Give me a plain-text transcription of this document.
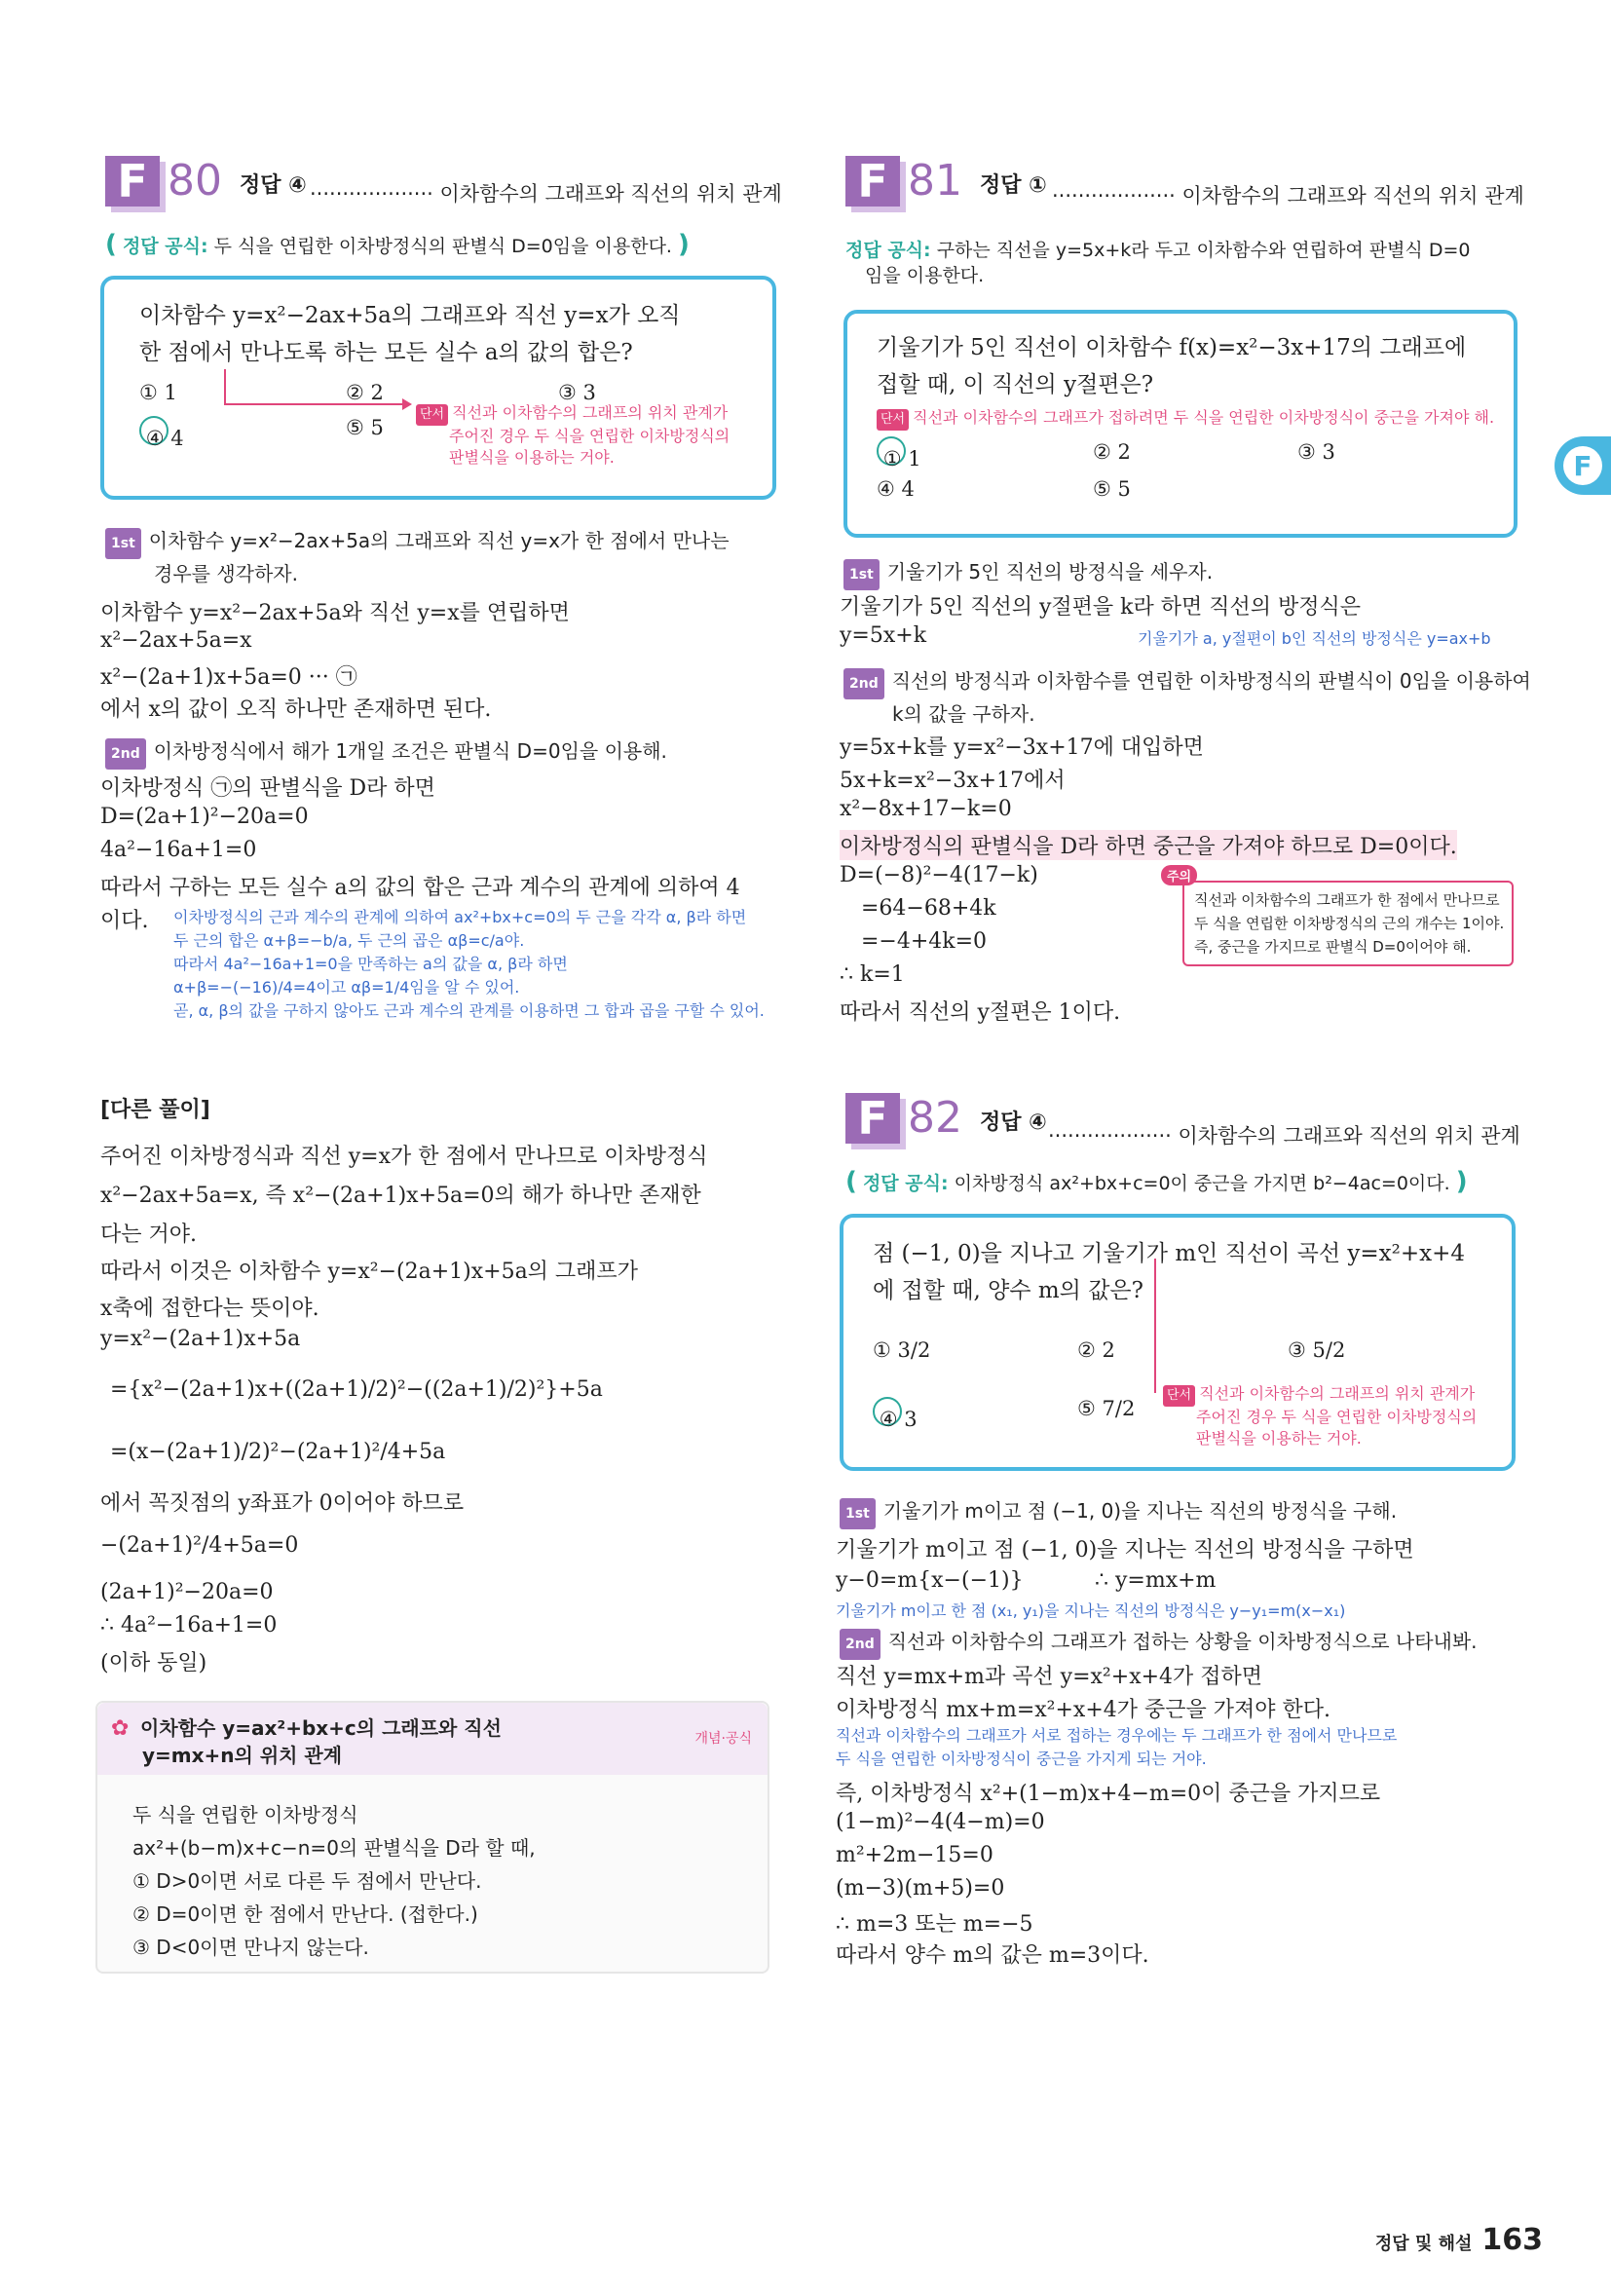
F 80 정답 ④ ··················· 이차함수의 그래프와 직선의 위치 관계
( 정답 공식: 두 식을 연립한 이차방정식의 판별식 D=0임을 이용한다. )
이차함수 y=x²−2ax+5a의 그래프와 직선 y=x가 오직
한 점에서 만나도록 하는 모든 실수 a의 값의 합은?
① 1	② 2	③ 3
④ 4	⑤ 5
단서 직선과 이차함수의 그래프의 위치 관계가
주어진 경우 두 식을 연립한 이차방정식의
판별식을 이용하는 거야.
1st 이차함수 y=x²−2ax+5a의 그래프와 직선 y=x가 한 점에서 만나는
경우를 생각하자.
이차함수 y=x²−2ax+5a와 직선 y=x를 연립하면
x²−2ax+5a=x
x²−(2a+1)x+5a=0 ··· ㉠
에서 x의 값이 오직 하나만 존재하면 된다.
2nd 이차방정식에서 해가 1개일 조건은 판별식 D=0임을 이용해.
이차방정식 ㉠의 판별식을 D라 하면
D=(2a+1)²−20a=0
4a²−16a+1=0
따라서 구하는 모든 실수 a의 값의 합은 근과 계수의 관계에 의하여 4
이다. 이차방정식의 근과 계수의 관계에 의하여 ax²+bx+c=0의 두 근을 각각 α, β라 하면
두 근의 합은 α+β=−b/a, 두 근의 곱은 αβ=c/a야.
따라서 4a²−16a+1=0을 만족하는 a의 값을 α, β라 하면
α+β=−(−16)/4=4이고 αβ=1/4임을 알 수 있어.
곧, α, β의 값을 구하지 않아도 근과 계수의 관계를 이용하면 그 합과 곱을 구할 수 있어.
[다른 풀이]
주어진 이차방정식과 직선 y=x가 한 점에서 만나므로 이차방정식
x²−2ax+5a=x, 즉 x²−(2a+1)x+5a=0의 해가 하나만 존재한
다는 거야.
따라서 이것은 이차함수 y=x²−(2a+1)x+5a의 그래프가
x축에 접한다는 뜻이야.
y=x²−(2a+1)x+5a
={x²−(2a+1)x+((2a+1)/2)²−((2a+1)/2)²}+5a
=(x−(2a+1)/2)²−(2a+1)²/4+5a
에서 꼭짓점의 y좌표가 0이어야 하므로
−(2a+1)²/4+5a=0
(2a+1)²−20a=0
∴ 4a²−16a+1=0
(이하 동일)
✿ 이차함수 y=ax²+bx+c의 그래프와 직선
y=mx+n의 위치 관계
개념·공식
두 식을 연립한 이차방정식
ax²+(b−m)x+c−n=0의 판별식을 D라 할 때,
① D>0이면 서로 다른 두 점에서 만난다.
② D=0이면 한 점에서 만난다. (접한다.)
③ D<0이면 만나지 않는다.
F 81 정답 ① ··················· 이차함수의 그래프와 직선의 위치 관계
정답 공식: 구하는 직선을 y=5x+k라 두고 이차함수와 연립하여 판별식 D=0
임을 이용한다.
기울기가 5인 직선이 이차함수 f(x)=x²−3x+17의 그래프에
접할 때, 이 직선의 y절편은?
단서 직선과 이차함수의 그래프가 접하려면 두 식을 연립한 이차방정식이 중근을 가져야 해.
① 1	② 2	③ 3
④ 4	⑤ 5
1st 기울기가 5인 직선의 방정식을 세우자.
기울기가 5인 직선의 y절편을 k라 하면 직선의 방정식은
y=5x+k	기울기가 a, y절편이 b인 직선의 방정식은 y=ax+b
2nd 직선의 방정식과 이차함수를 연립한 이차방정식의 판별식이 0임을 이용하여
k의 값을 구하자.
y=5x+k를 y=x²−3x+17에 대입하면
5x+k=x²−3x+17에서
x²−8x+17−k=0
이차방정식의 판별식을 D라 하면 중근을 가져야 하므로 D=0이다.
D=(−8)²−4(17−k)
=64−68+4k
=−4+4k=0
∴ k=1
따라서 직선의 y절편은 1이다.
주의
직선과 이차함수의 그래프가 한 점에서 만나므로
두 식을 연립한 이차방정식의 근의 개수는 1이야.
즉, 중근을 가지므로 판별식 D=0이어야 해.
F 82 정답 ④
··················· 이차함수의 그래프와 직선의 위치 관계
( 정답 공식: 이차방정식 ax²+bx+c=0이 중근을 가지면 b²−4ac=0이다. )
점 (−1, 0)을 지나고 기울기가 m인 직선이 곡선 y=x²+x+4
에 접할 때, 양수 m의 값은?
① 3/2	② 2	③ 5/2
④ 3	⑤ 7/2
단서 직선과 이차함수의 그래프의 위치 관계가
주어진 경우 두 식을 연립한 이차방정식의
판별식을 이용하는 거야.
1st 기울기가 m이고 점 (−1, 0)을 지나는 직선의 방정식을 구해.
기울기가 m이고 점 (−1, 0)을 지나는 직선의 방정식을 구하면
y−0=m{x−(−1)}	∴ y=mx+m
기울기가 m이고 한 점 (x₁, y₁)을 지나는 직선의 방정식은 y−y₁=m(x−x₁)
2nd 직선과 이차함수의 그래프가 접하는 상황을 이차방정식으로 나타내봐.
직선 y=mx+m과 곡선 y=x²+x+4가 접하면
이차방정식 mx+m=x²+x+4가 중근을 가져야 한다.
직선과 이차함수의 그래프가 서로 접하는 경우에는 두 그래프가 한 점에서 만나므로
두 식을 연립한 이차방정식이 중근을 가지게 되는 거야.
즉, 이차방정식 x²+(1−m)x+4−m=0이 중근을 가지므로
(1−m)²−4(4−m)=0
m²+2m−15=0
(m−3)(m+5)=0
∴ m=3 또는 m=−5
따라서 양수 m의 값은 m=3이다.
F
정답 및 해설 163
